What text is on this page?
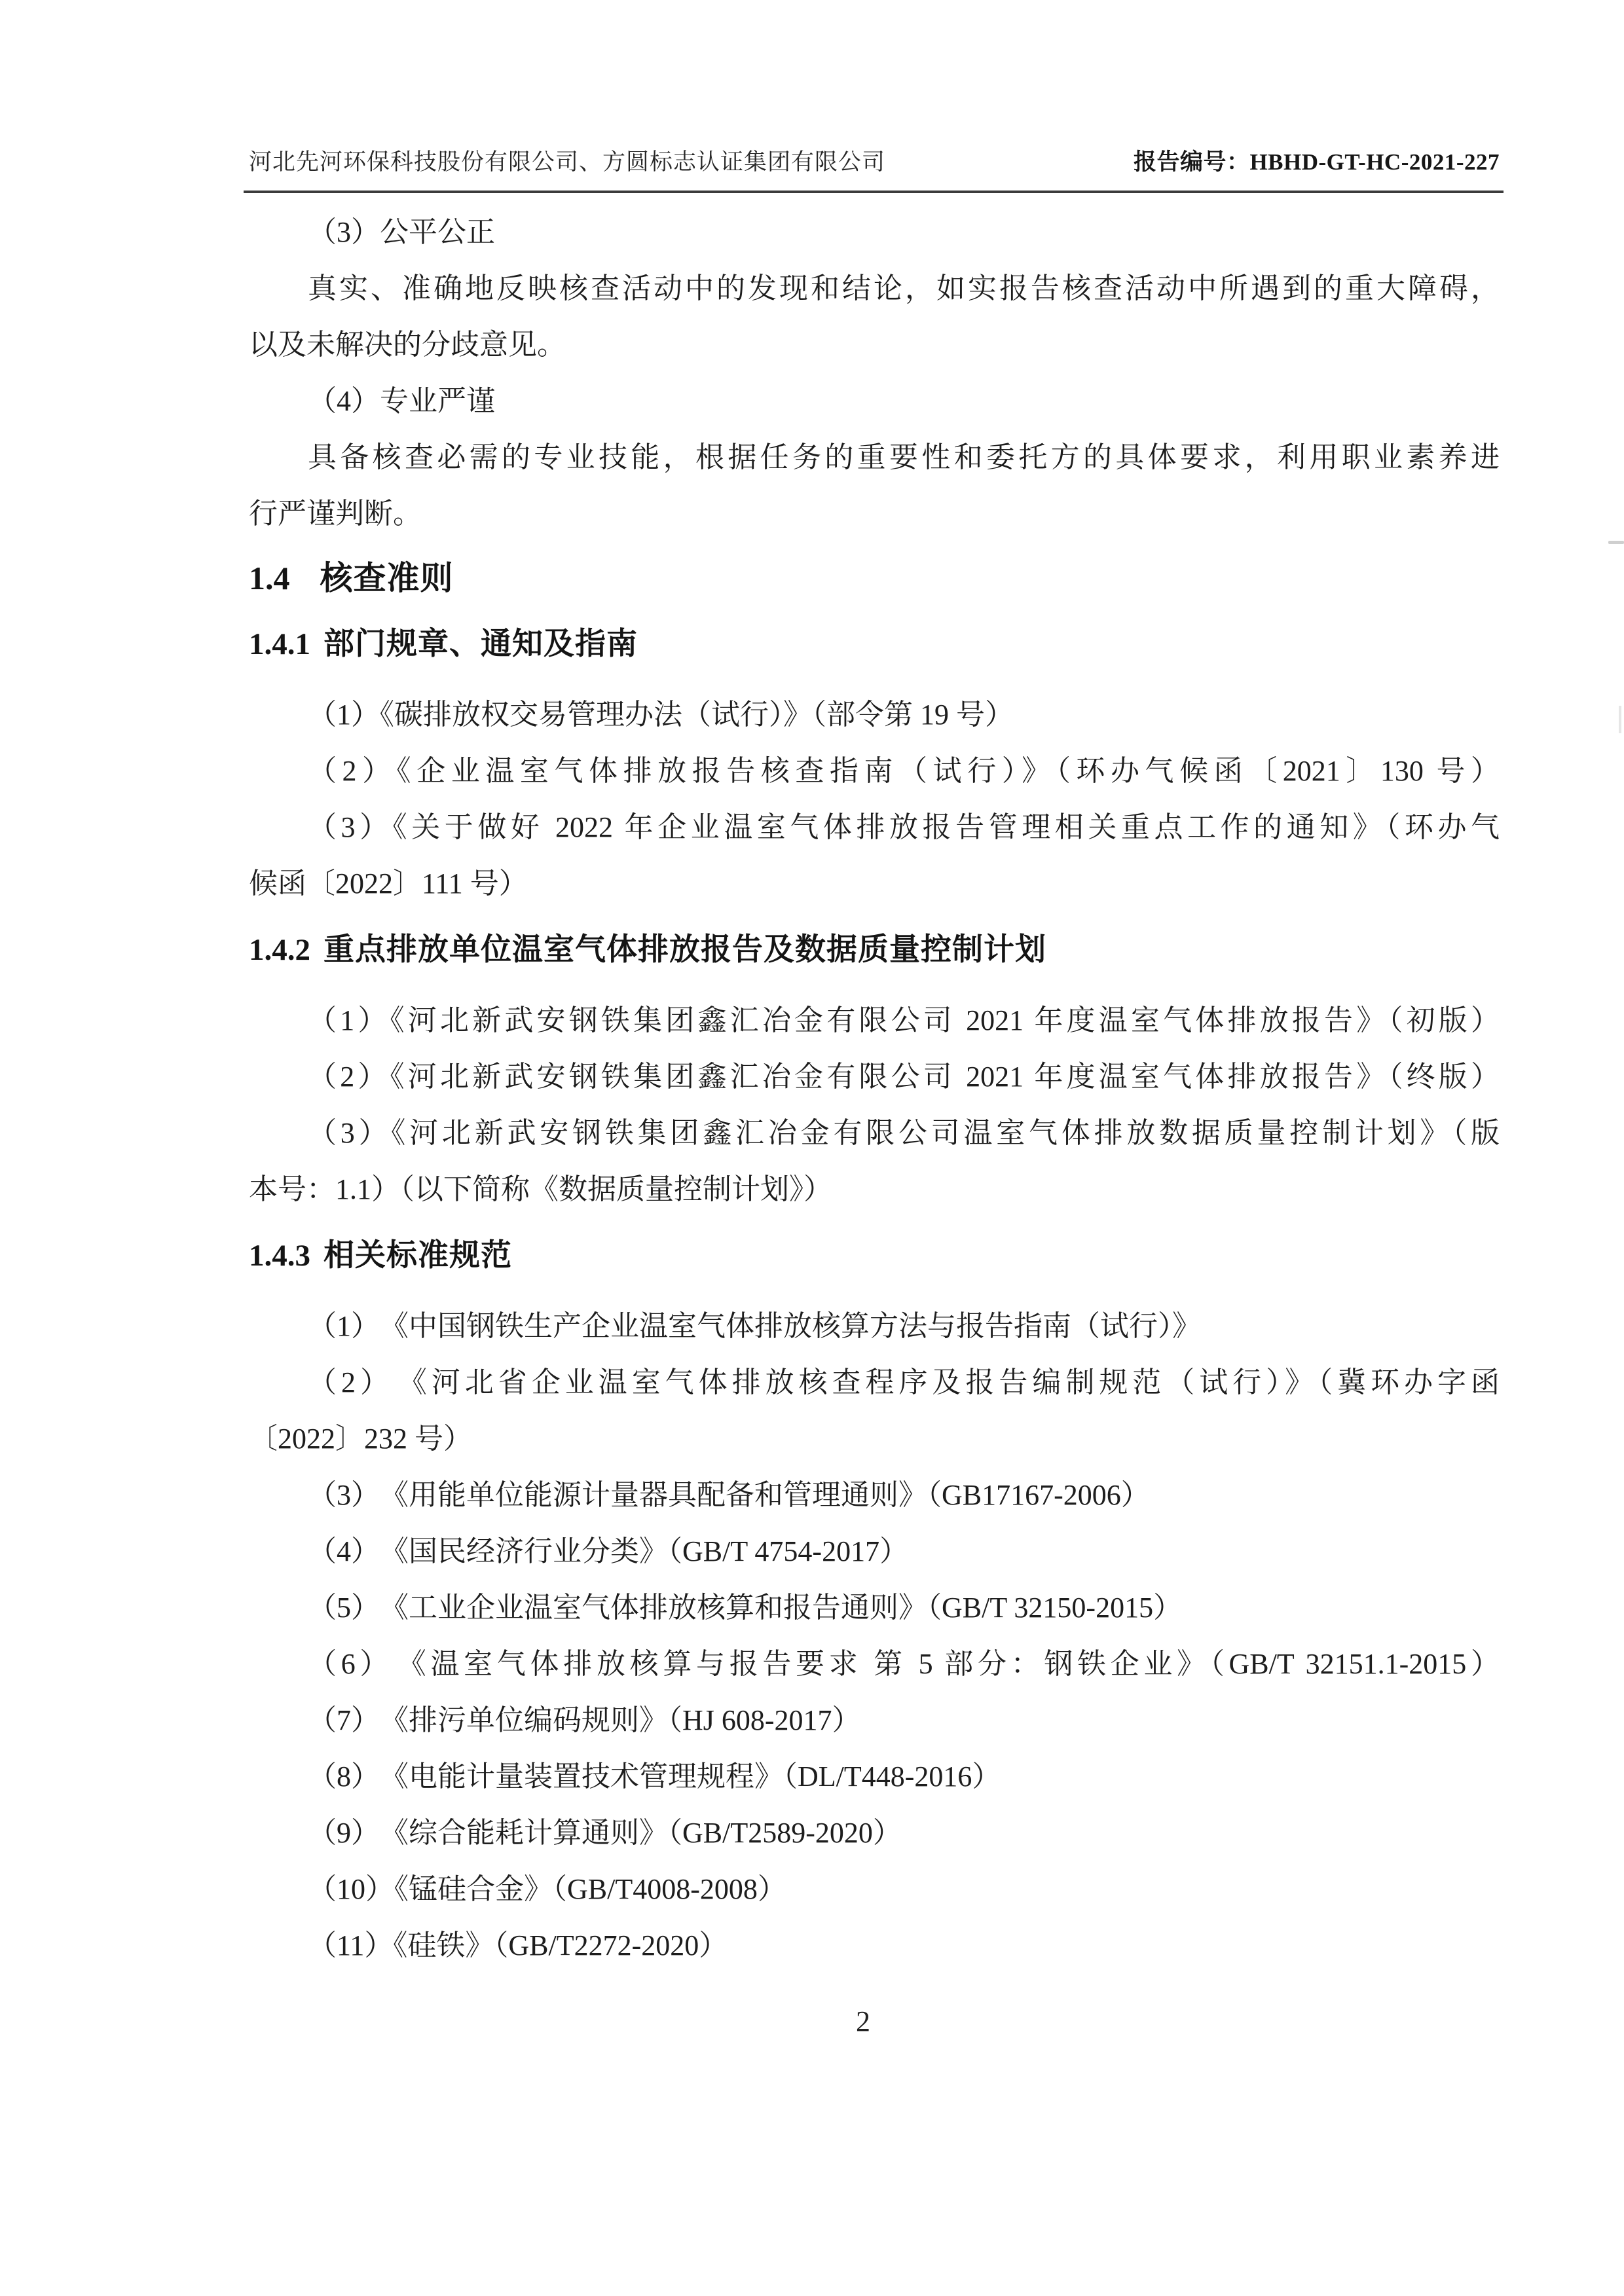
河北先河环保科技股份有限公司、方圆标志认证集团有限公司	报告编号：HBHD-GT-HC-2021-227
（3）公平公正
真实、准确地反映核查活动中的发现和结论，如实报告核查活动中所遇到的重大障碍，
以及未解决的分歧意见。
（4）专业严谨
具备核查必需的专业技能，根据任务的重要性和委托方的具体要求，利用职业素养进
行严谨判断。
1.4 核查准则
1.4.1 部门规章、通知及指南
（1）《碳排放权交易管理办法（试行）》（部令第 19 号）
（2）《企业温室气体排放报告核查指南（试行）》（环办气候函〔2021〕130 号）
（3）《关于做好 2022 年企业温室气体排放报告管理相关重点工作的通知》（环办气
候函〔2022〕111 号）
1.4.2 重点排放单位温室气体排放报告及数据质量控制计划
（1）《河北新武安钢铁集团鑫汇冶金有限公司 2021 年度温室气体排放报告》（初版）
（2）《河北新武安钢铁集团鑫汇冶金有限公司 2021 年度温室气体排放报告》（终版）
（3）《河北新武安钢铁集团鑫汇冶金有限公司温室气体排放数据质量控制计划》（版
本号：1.1）（以下简称《数据质量控制计划》）
1.4.3 相关标准规范
（1）　《中国钢铁生产企业温室气体排放核算方法与报告指南（试行）》
（2）　《河北省企业温室气体排放核查程序及报告编制规范（试行）》（冀环办字函
〔2022〕232 号）
（3）　《用能单位能源计量器具配备和管理通则》（GB17167-2006）
（4）　《国民经济行业分类》（GB/T 4754-2017）
（5）　《工业企业温室气体排放核算和报告通则》（GB/T 32150-2015）
（6）　《温室气体排放核算与报告要求 第 5 部分：钢铁企业》（GB/T 32151.1-2015）
（7）　《排污单位编码规则》（HJ 608-2017）
（8）　《电能计量装置技术管理规程》（DL/T448-2016）
（9）　《综合能耗计算通则》（GB/T2589-2020）
（10）《锰硅合金》（GB/T4008-2008）
（11）《硅铁》（GB/T2272-2020）
2
